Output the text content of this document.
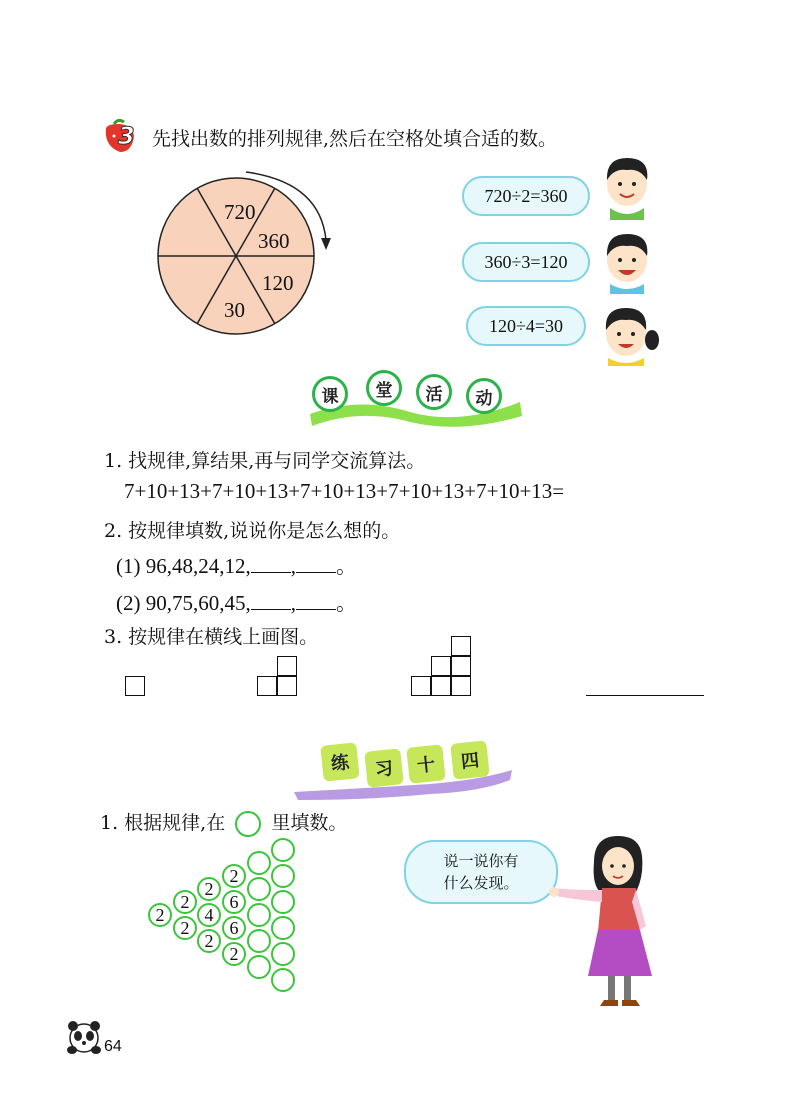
3 先找出数的排列规律,然后在空格处填合适的数。
720
360
120
30
720÷2=360
360÷3=120
120÷4=30
课	堂	活	动
1. 找规律,算结果,再与同学交流算法。
7+10+13+7+10+13+7+10+13+7+10+13+7+10+13=
2. 按规律填数,说说你是怎么想的。
(1) 96,48,24,12, , 。
(2) 90,75,60,45, , 。
3. 按规律在横线上画图。
练	习	十	四
1. 根据规律,在 里填数。
2
2
2
2
4
2
2
6
6
2
说一说你有
什么发现。
64
